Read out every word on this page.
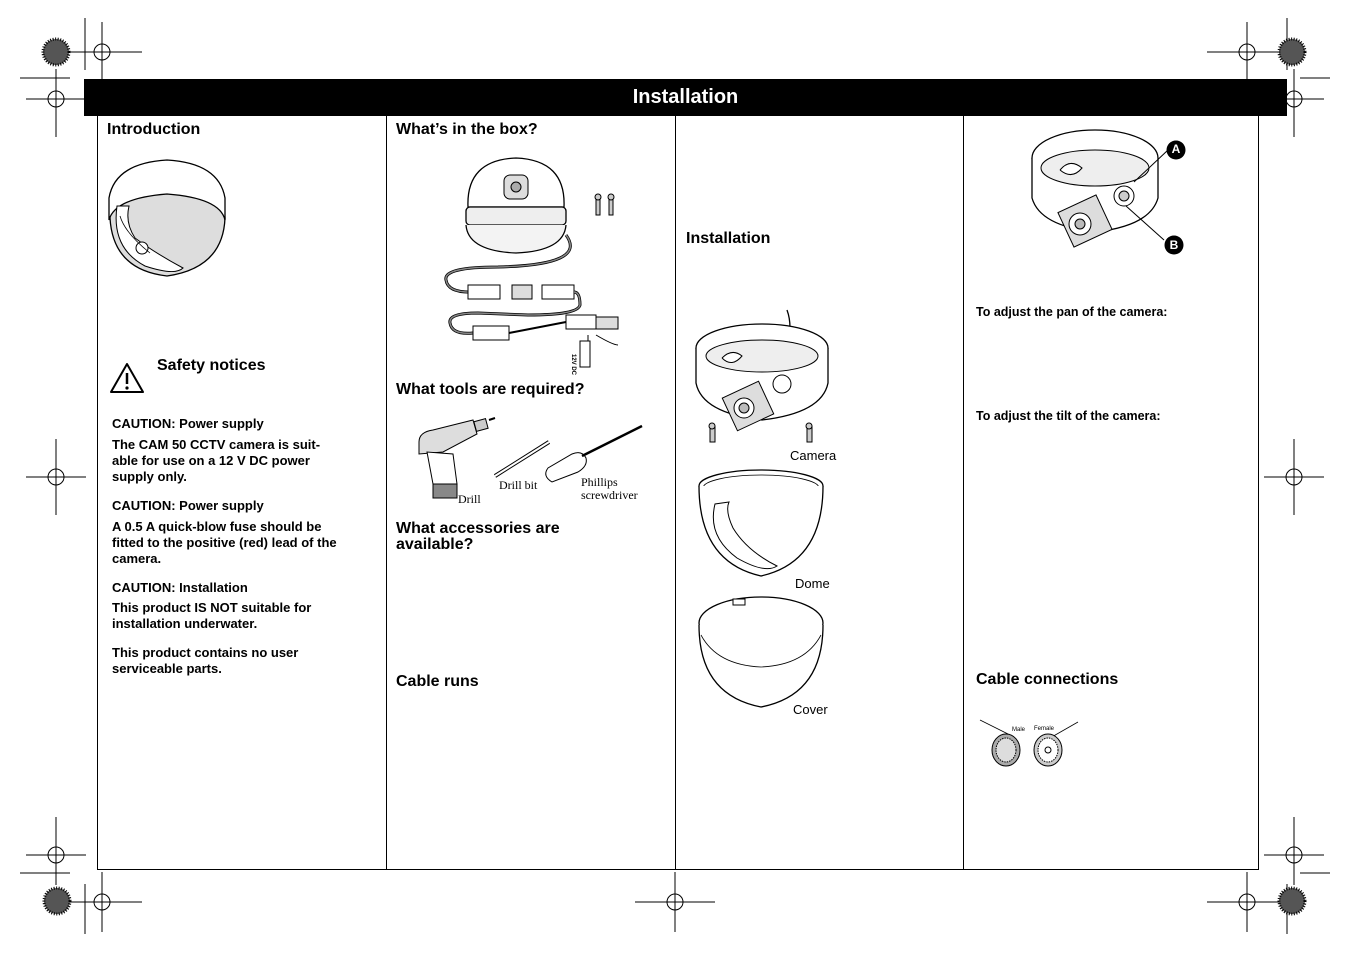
Installation
Introduction
Safety notices
CAUTION: Power supply
The CAM 50 CCTV camera is suit-
able for use on a 12 V DC power
supply only.
CAUTION: Power supply
A 0.5 A quick-blow fuse should be
fitted to the positive (red) lead of the
camera.
CAUTION: Installation
This product IS NOT suitable for
installation underwater.
This product contains no user
serviceable parts.
What’s in the box?
12V DC
What tools are required?
Drill
Drill bit	Phillips
screwdriver
What accessories are
available?
Cable runs
Installation
Camera
Dome
Cover
A
B
To adjust the pan of the camera:
To adjust the tilt of the camera:
Cable connections
Male Female
